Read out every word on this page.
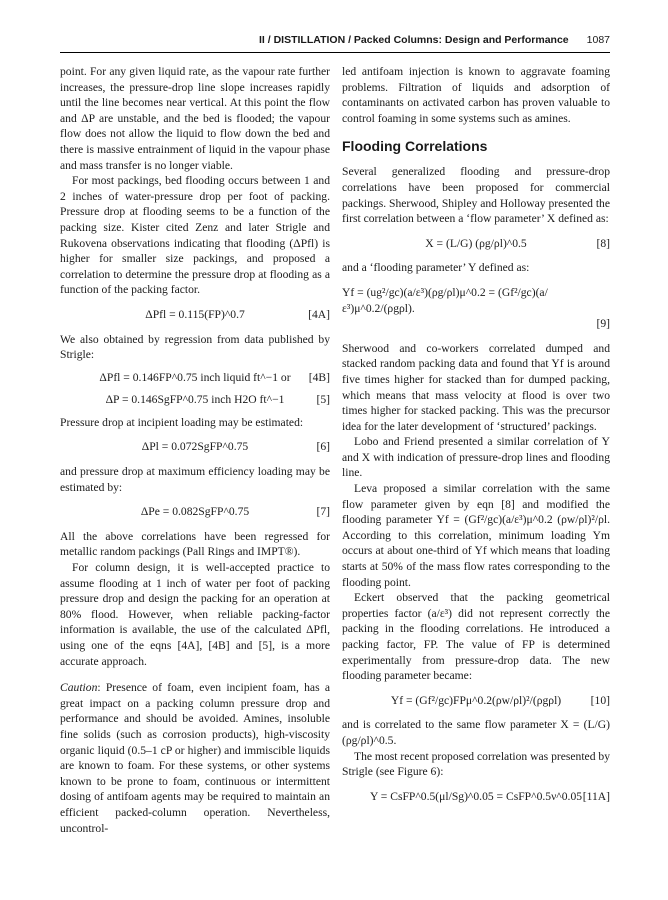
II / DISTILLATION / Packed Columns: Design and Performance 1087

point. For any given liquid rate, as the vapour rate further increases, the pressure-drop line slope increases rapidly until the line becomes near vertical. At this point the flow and ΔP are unstable, and the bed is flooded; the vapour flow does not allow the liquid to flow down the bed and there is massive entrainment of liquid in the vapour phase and mass transfer is no longer viable.

For most packings, bed flooding occurs between 1 and 2 inches of water-pressure drop per foot of packing. Pressure drop at flooding seems to be a function of the packing size. Kister cited Zenz and later Strigle and Rukovena observations indicating that flooding (ΔPfl) is higher for smaller size packings, and proposed a correlation to determine the pressure drop at flooding as a function of the packing factor.

ΔPfl = 0.115(FP)^0.7	[4A]

We also obtained by regression from data published by Strigle:

ΔPfl = 0.146FP^0.75 inch liquid ft^−1 or [4B]
ΔP = 0.146SgFP^0.75 inch H2O ft^−1	[5]

Pressure drop at incipient loading may be estimated:

ΔPl = 0.072SgFP^0.75	[6]

and pressure drop at maximum efficiency loading may be estimated by:

ΔPe = 0.082SgFP^0.75	[7]

All the above correlations have been regressed for metallic random packings (Pall Rings and IMPT®).

For column design, it is well-accepted practice to assume flooding at 1 inch of water per foot of packing pressure drop and design the packing for an operation at 80% flood. However, when reliable packing-factor information is available, the use of the calculated ΔPfl, using one of the eqns [4A], [4B] and [5], is a more accurate approach.

Caution: Presence of foam, even incipient foam, has a great impact on a packing column pressure drop and performance and should be avoided. Amines, insoluble fine solids (such as corrosion products), high-viscosity organic liquid (0.5–1 cP or higher) and immiscible liquids are known to foam. For these systems, or other systems known to be prone to foam, continuous or intermittent dosing of antifoam agents may be required to maintain an efficient packed-column operation. Nevertheless, uncontrol-

led antifoam injection is known to aggravate foaming problems. Filtration of liquids and adsorption of contaminants on activated carbon has proven valuable to control foaming in some systems such as amines.

Flooding Correlations

Several generalized flooding and pressure-drop correlations have been proposed for commercial packings. Sherwood, Shipley and Holloway presented the first correlation between a ‘flow parameter’ X defined as:

X = (L/G) (ρg/ρl)^0.5	[8]

and a ‘flooding parameter’ Y defined as:

Yf = (ug²/gc)(a/ε³)(ρg/ρl)μ^0.2 = (Gf²/gc)(a/ε³)μ^0.2/(ρgρl).
[9]

Sherwood and co-workers correlated dumped and stacked random packing data and found that Yf is around five times higher for stacked than for dumped packing, which means that mass velocity at flood is over two times higher for stacked packing. This was the precursor idea for the later development of ‘structured’ packings.

Lobo and Friend presented a similar correlation of Y and X with indication of pressure-drop lines and flooding line.

Leva proposed a similar correlation with the same flow parameter given by eqn [8] and modified the flooding parameter Yf = (Gf²/gc)(a/ε³)μ^0.2 (ρw/ρl)²/ρl. According to this correlation, minimum loading Ym occurs at about one-third of Yf which means that loading starts at 50% of the mass flow rates corresponding to the flooding point.

Eckert observed that the packing geometrical properties factor (a/ε³) did not represent correctly the packing in the flooding correlations. He introduced a packing factor, FP. The value of FP is determined experimentally from pressure-drop data. The new flooding parameter became:

Yf = (Gf²/gc)FPμ^0.2(ρw/ρl)²/(ρgρl)	[10]

and is correlated to the same flow parameter X = (L/G) (ρg/ρl)^0.5.

The most recent proposed correlation was presented by Strigle (see Figure 6):

Y = CsFP^0.5(μl/Sg)^0.05 = CsFP^0.5ν^0.05 [11A]
